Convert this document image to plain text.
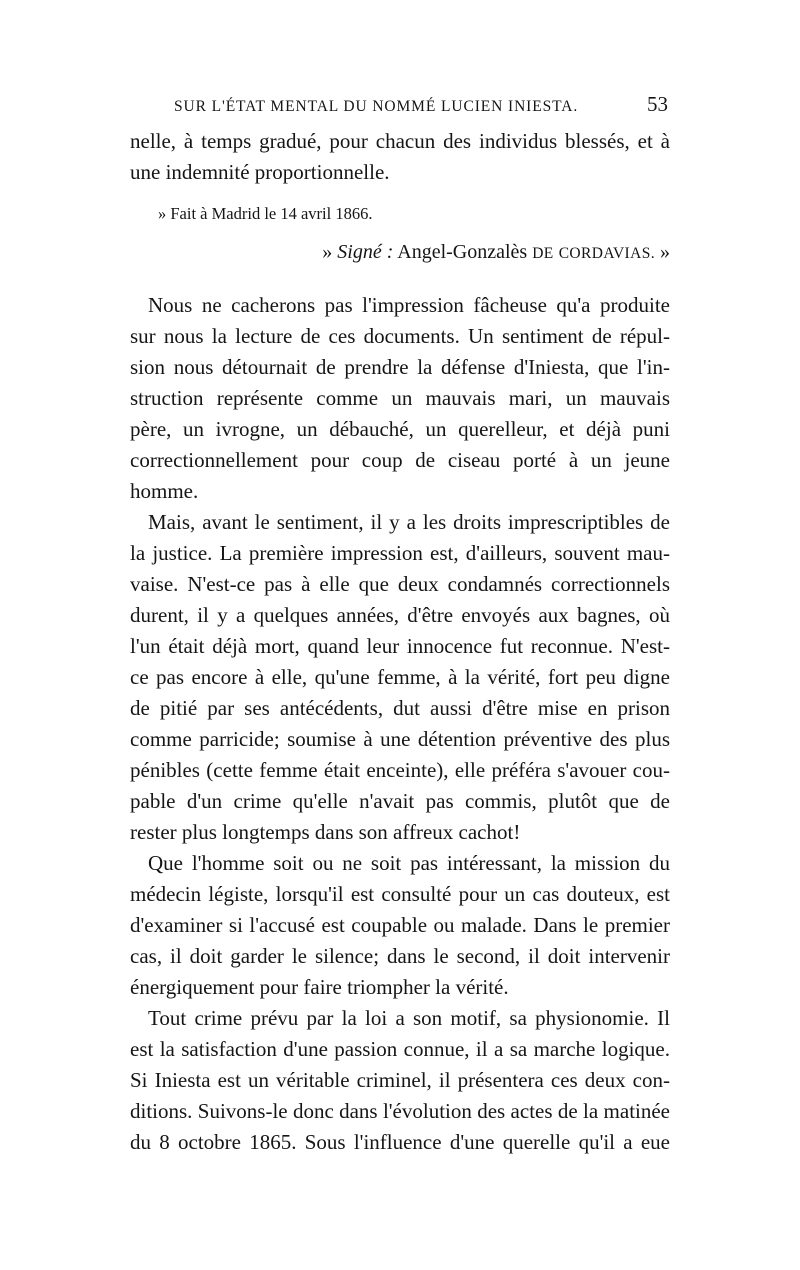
SUR L'ÉTAT MENTAL DU NOMMÉ LUCIEN INIESTA.	53
nelle, à temps gradué, pour chacun des individus blessés, et à
une indemnité proportionnelle.
» Fait à Madrid le 14 avril 1866.
» Signé : Angel-Gonzalès DE CORDAVIAS. »
Nous ne cacherons pas l'impression fâcheuse qu'a produite
sur nous la lecture de ces documents. Un sentiment de répul-
sion nous détournait de prendre la défense d'Iniesta, que l'in-
struction représente comme un mauvais mari, un mauvais
père, un ivrogne, un débauché, un querelleur, et déjà puni
correctionnellement pour coup de ciseau porté à un jeune
homme.
Mais, avant le sentiment, il y a les droits imprescriptibles de
la justice. La première impression est, d'ailleurs, souvent mau-
vaise. N'est-ce pas à elle que deux condamnés correctionnels
durent, il y a quelques années, d'être envoyés aux bagnes, où
l'un était déjà mort, quand leur innocence fut reconnue. N'est-
ce pas encore à elle, qu'une femme, à la vérité, fort peu digne
de pitié par ses antécédents, dut aussi d'être mise en prison
comme parricide; soumise à une détention préventive des plus
pénibles (cette femme était enceinte), elle préféra s'avouer cou-
pable d'un crime qu'elle n'avait pas commis, plutôt que de
rester plus longtemps dans son affreux cachot!
Que l'homme soit ou ne soit pas intéressant, la mission du
médecin légiste, lorsqu'il est consulté pour un cas douteux, est
d'examiner si l'accusé est coupable ou malade. Dans le premier
cas, il doit garder le silence; dans le second, il doit intervenir
énergiquement pour faire triompher la vérité.
Tout crime prévu par la loi a son motif, sa physionomie. Il
est la satisfaction d'une passion connue, il a sa marche logique.
Si Iniesta est un véritable criminel, il présentera ces deux con-
ditions. Suivons-le donc dans l'évolution des actes de la matinée
du 8 octobre 1865. Sous l'influence d'une querelle qu'il a eue
